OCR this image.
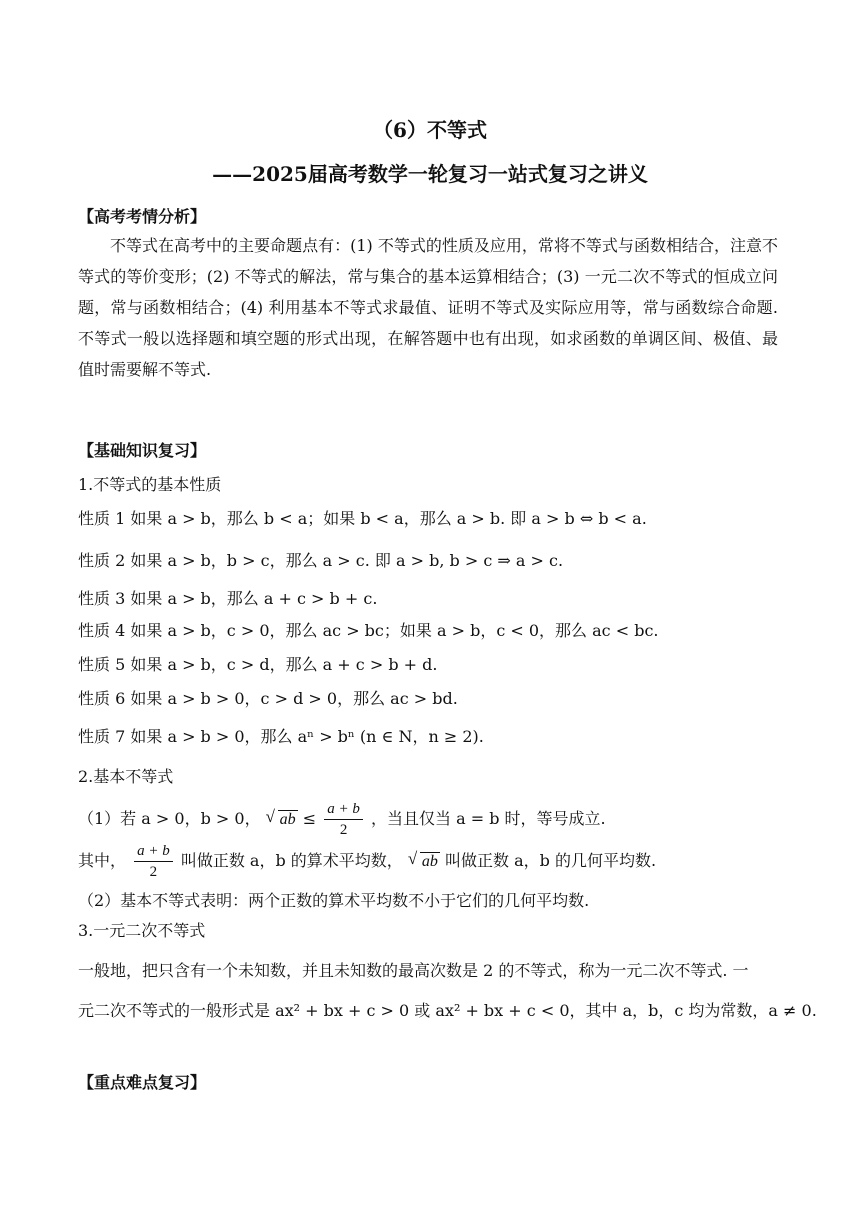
（6）不等式
——2025届高考数学一轮复习一站式复习之讲义
【高考考情分析】
不等式在高考中的主要命题点有：(1) 不等式的性质及应用，常将不等式与函数相结合，注意不等式的等价变形；(2) 不等式的解法，常与集合的基本运算相结合；(3) 一元二次不等式的恒成立问题，常与函数相结合；(4) 利用基本不等式求最值、证明不等式及实际应用等，常与函数综合命题. 不等式一般以选择题和填空题的形式出现，在解答题中也有出现，如求函数的单调区间、极值、最值时需要解不等式.
【基础知识复习】
1.不等式的基本性质
性质 1 如果 a > b，那么 b < a；如果 b < a，那么 a > b. 即 a > b ⇔ b < a.
性质 2 如果 a > b，b > c，那么 a > c. 即 a > b, b > c ⇒ a > c.
性质 3 如果 a > b，那么 a + c > b + c.
性质 4 如果 a > b，c > 0，那么 ac > bc；如果 a > b，c < 0，那么 ac < bc.
性质 5 如果 a > b，c > d，那么 a + c > b + d.
性质 6 如果 a > b > 0，c > d > 0，那么 ac > bd.
性质 7 如果 a > b > 0，那么 aⁿ > bⁿ (n ∈ N，n ≥ 2).
2.基本不等式
（1）若 a > 0，b > 0， √ ab ≤ $\frac{a + b}{2}$ ，当且仅当 a = b 时，等号成立.
其中， $\frac{a + b}{2}$ 叫做正数 a，b 的算术平均数， √ ab 叫做正数 a，b 的几何平均数.
（2）基本不等式表明：两个正数的算术平均数不小于它们的几何平均数.
3.一元二次不等式
一般地，把只含有一个未知数，并且未知数的最高次数是 2 的不等式，称为一元二次不等式. 一
元二次不等式的一般形式是 ax² + bx + c > 0 或 ax² + bx + c < 0，其中 a，b，c 均为常数，a ≠ 0.
【重点难点复习】
